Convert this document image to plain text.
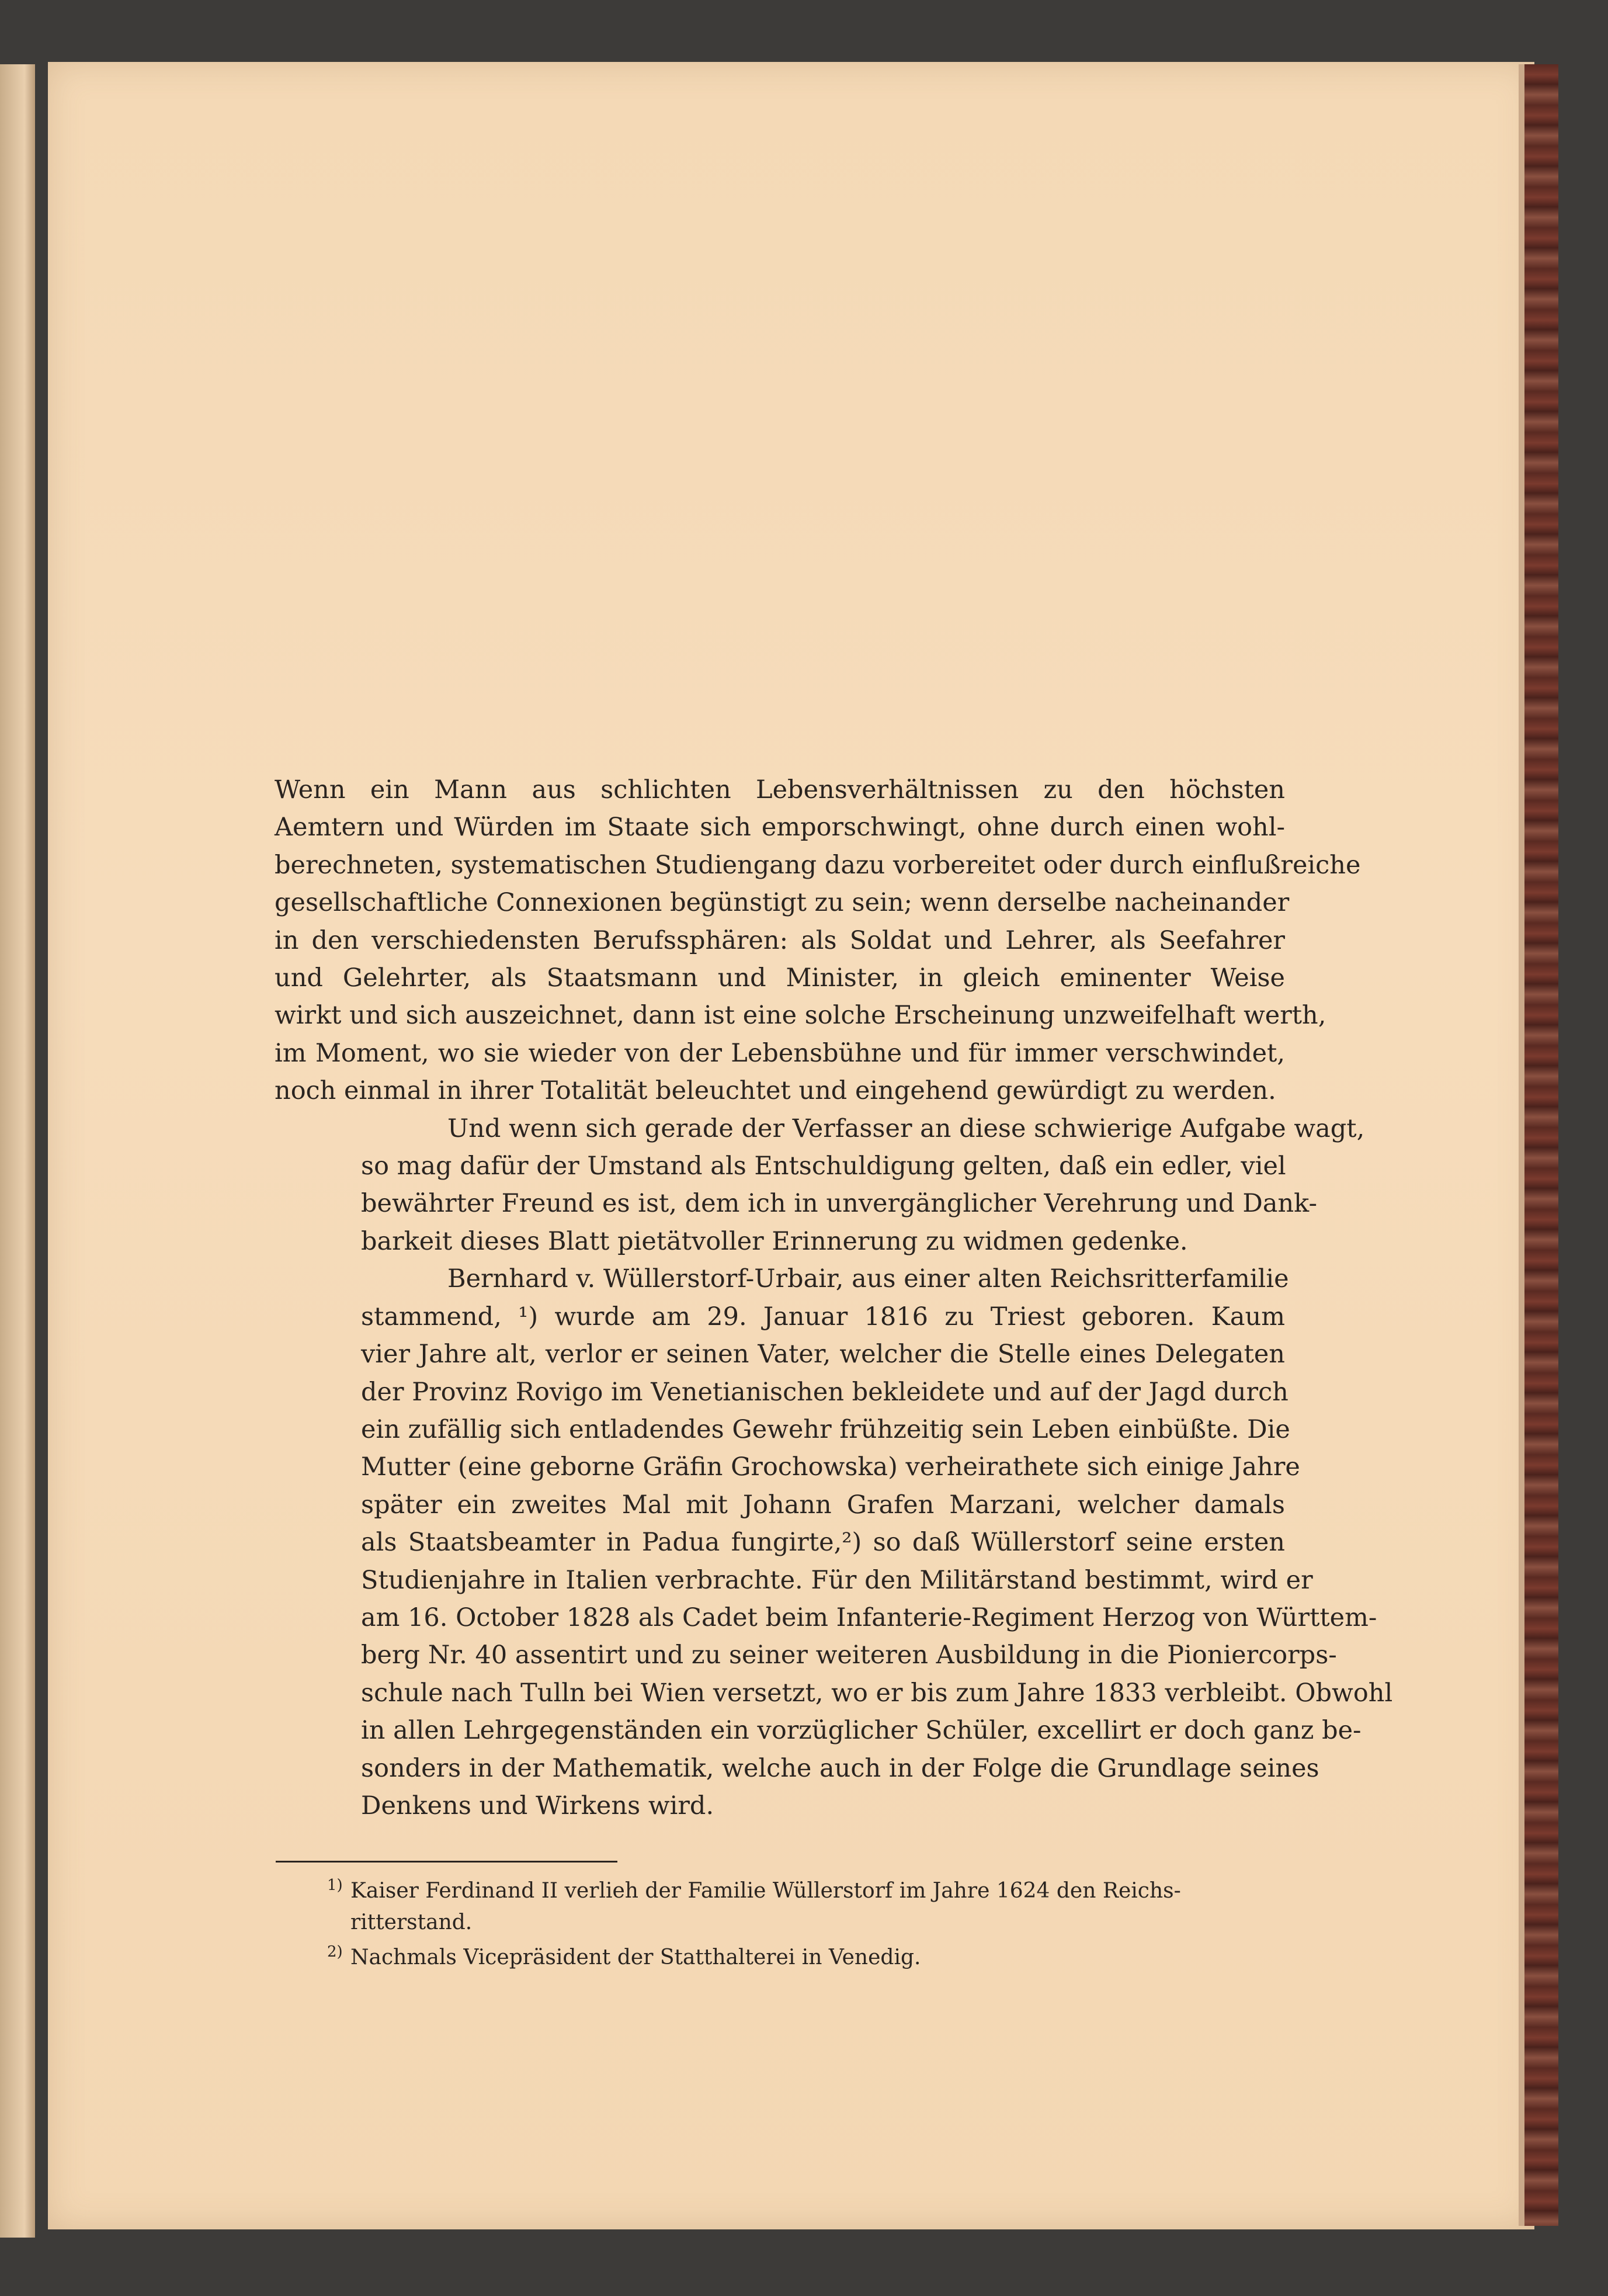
Wenn ein Mann aus schlichten Lebensverhältnissen zu den höchsten
Aemtern und Würden im Staate sich emporschwingt, ohne durch einen wohl-
berechneten, systematischen Studiengang dazu vorbereitet oder durch einflußreiche
gesellschaftliche Connexionen begünstigt zu sein; wenn derselbe nacheinander
in den verschiedensten Berufssphären: als Soldat und Lehrer, als Seefahrer
und Gelehrter, als Staatsmann und Minister, in gleich eminenter Weise
wirkt und sich auszeichnet, dann ist eine solche Erscheinung unzweifelhaft werth,
im Moment, wo sie wieder von der Lebensbühne und für immer verschwindet,
noch einmal in ihrer Totalität beleuchtet und eingehend gewürdigt zu werden.

Und wenn sich gerade der Verfasser an diese schwierige Aufgabe wagt,
so mag dafür der Umstand als Entschuldigung gelten, daß ein edler, viel
bewährter Freund es ist, dem ich in unvergänglicher Verehrung und Dank-
barkeit dieses Blatt pietätvoller Erinnerung zu widmen gedenke.

Bernhard v. Wüllerstorf-Urbair, aus einer alten Reichsritterfamilie
stammend, ¹) wurde am 29. Januar 1816 zu Triest geboren. Kaum
vier Jahre alt, verlor er seinen Vater, welcher die Stelle eines Delegaten
der Provinz Rovigo im Venetianischen bekleidete und auf der Jagd durch
ein zufällig sich entladendes Gewehr frühzeitig sein Leben einbüßte. Die
Mutter (eine geborne Gräfin Grochowska) verheirathete sich einige Jahre
später ein zweites Mal mit Johann Grafen Marzani, welcher damals
als Staatsbeamter in Padua fungirte,²) so daß Wüllerstorf seine ersten
Studienjahre in Italien verbrachte. Für den Militärstand bestimmt, wird er
am 16. October 1828 als Cadet beim Infanterie-Regiment Herzog von Württem-
berg Nr. 40 assentirt und zu seiner weiteren Ausbildung in die Pioniercorps-
schule nach Tulln bei Wien versetzt, wo er bis zum Jahre 1833 verbleibt. Obwohl
in allen Lehrgegenständen ein vorzüglicher Schüler, excellirt er doch ganz be-
sonders in der Mathematik, welche auch in der Folge die Grundlage seines
Denkens und Wirkens wird.

1) Kaiser Ferdinand II verlieh der Familie Wüllerstorf im Jahre 1624 den Reichs-
ritterstand.
2) Nachmals Vicepräsident der Statthalterei in Venedig.
